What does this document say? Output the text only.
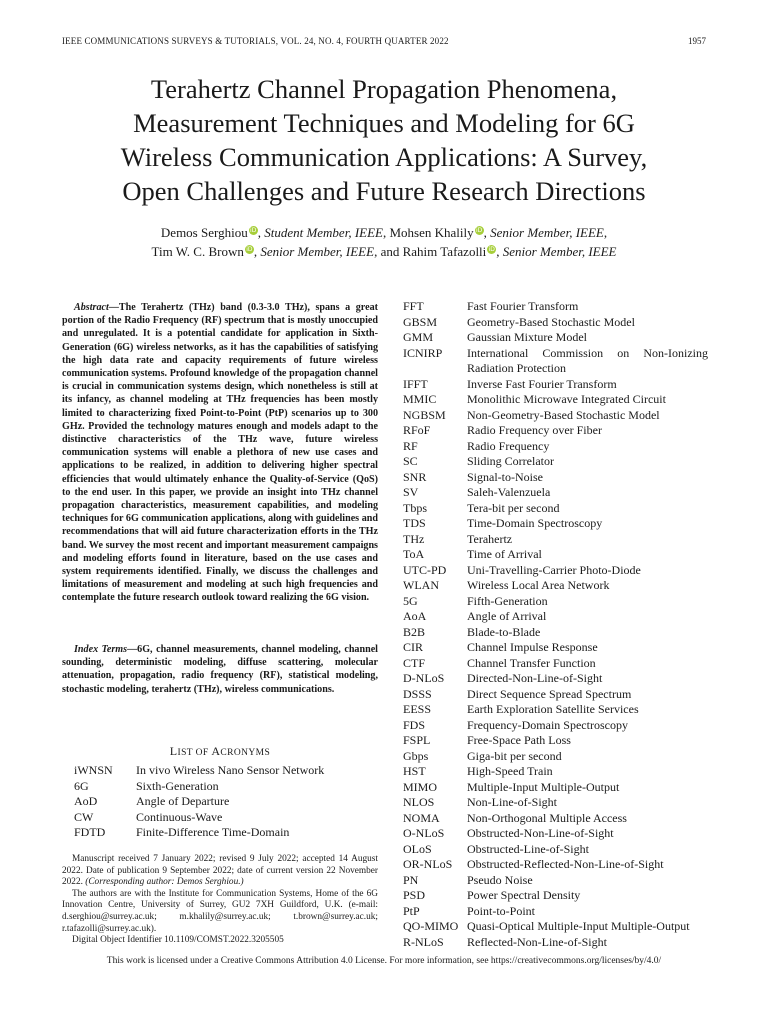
IEEE COMMUNICATIONS SURVEYS & TUTORIALS, VOL. 24, NO. 4, FOURTH QUARTER 2022	1957
Terahertz Channel Propagation Phenomena,
Measurement Techniques and Modeling for 6G
Wireless Communication Applications: A Survey,
Open Challenges and Future Research Directions
Demos Serghiou iD, Student Member, IEEE, Mohsen Khalily iD, Senior Member, IEEE,
Tim W. C. Brown iD, Senior Member, IEEE, and Rahim Tafazolli iD, Senior Member, IEEE
Abstract—The Terahertz (THz) band (0.3-3.0 THz), spans a great portion of the Radio Frequency (RF) spectrum that is mostly unoccupied and unregulated. It is a potential candidate for application in Sixth-Generation (6G) wireless networks, as it has the capabilities of satisfying the high data rate and capacity requirements of future wireless communication systems. Profound knowledge of the propagation channel is crucial in communication systems design, which nonetheless is still at its infancy, as channel modeling at THz frequencies has been mostly limited to characterizing fixed Point-to-Point (PtP) scenarios up to 300 GHz. Provided the technology matures enough and models adapt to the distinctive characteristics of the THz wave, future wireless communication systems will enable a plethora of new use cases and applications to be realized, in addition to delivering higher spectral efficiencies that would ultimately enhance the Quality-of-Service (QoS) to the end user. In this paper, we provide an insight into THz channel propagation characteristics, measurement capabilities, and modeling techniques for 6G communication applications, along with guidelines and recommendations that will aid future characterization efforts in the THz band. We survey the most recent and important measurement campaigns and modeling efforts found in literature, based on the use cases and system requirements identified. Finally, we discuss the challenges and limitations of measurement and modeling at such high frequencies and contemplate the future research outlook toward realizing the 6G vision.
Index Terms—6G, channel measurements, channel modeling, channel sounding, deterministic modeling, diffuse scattering, molecular attenuation, propagation, radio frequency (RF), statistical modeling, stochastic modeling, terahertz (THz), wireless communications.
LIST OF ACRONYMS
iWNSN	In vivo Wireless Nano Sensor Network
6G	Sixth-Generation
AoD	Angle of Departure
CW	Continuous-Wave
FDTD	Finite-Difference Time-Domain

Manuscript received 7 January 2022; revised 9 July 2022; accepted 14 August 2022. Date of publication 9 September 2022; date of current version 22 November 2022. (Corresponding author: Demos Serghiou.)

The authors are with the Institute for Communication Systems, Home of the 6G Innovation Centre, University of Surrey, GU2 7XH Guildford, U.K. (e-mail: d.serghiou@surrey.ac.uk; m.khalily@surrey.ac.uk; t.brown@surrey.ac.uk; r.tafazolli@surrey.ac.uk).

Digital Object Identifier 10.1109/COMST.2022.3205505

FFT	Fast Fourier Transform
GBSM	Geometry-Based Stochastic Model
GMM	Gaussian Mixture Model
ICNIRP	International Commission on Non-Ionizing Radiation Protection
IFFT	Inverse Fast Fourier Transform
MMIC	Monolithic Microwave Integrated Circuit
NGBSM	Non-Geometry-Based Stochastic Model
RFoF	Radio Frequency over Fiber
RF	Radio Frequency
SC	Sliding Correlator
SNR	Signal-to-Noise
SV	Saleh-Valenzuela
Tbps	Tera-bit per second
TDS	Time-Domain Spectroscopy
THz	Terahertz
ToA	Time of Arrival
UTC-PD	Uni-Travelling-Carrier Photo-Diode
WLAN	Wireless Local Area Network
5G	Fifth-Generation
AoA	Angle of Arrival
B2B	Blade-to-Blade
CIR	Channel Impulse Response
CTF	Channel Transfer Function
D-NLoS	Directed-Non-Line-of-Sight
DSSS	Direct Sequence Spread Spectrum
EESS	Earth Exploration Satellite Services
FDS	Frequency-Domain Spectroscopy
FSPL	Free-Space Path Loss
Gbps	Giga-bit per second
HST	High-Speed Train
MIMO	Multiple-Input Multiple-Output
NLOS	Non-Line-of-Sight
NOMA	Non-Orthogonal Multiple Access
O-NLoS	Obstructed-Non-Line-of-Sight
OLoS	Obstructed-Line-of-Sight
OR-NLoS	Obstructed-Reflected-Non-Line-of-Sight
PN	Pseudo Noise
PSD	Power Spectral Density
PtP	Point-to-Point
QO-MIMO Quasi-Optical Multiple-Input Multiple-Output
R-NLoS	Reflected-Non-Line-of-Sight
This work is licensed under a Creative Commons Attribution 4.0 License. For more information, see https://creativecommons.org/licenses/by/4.0/
